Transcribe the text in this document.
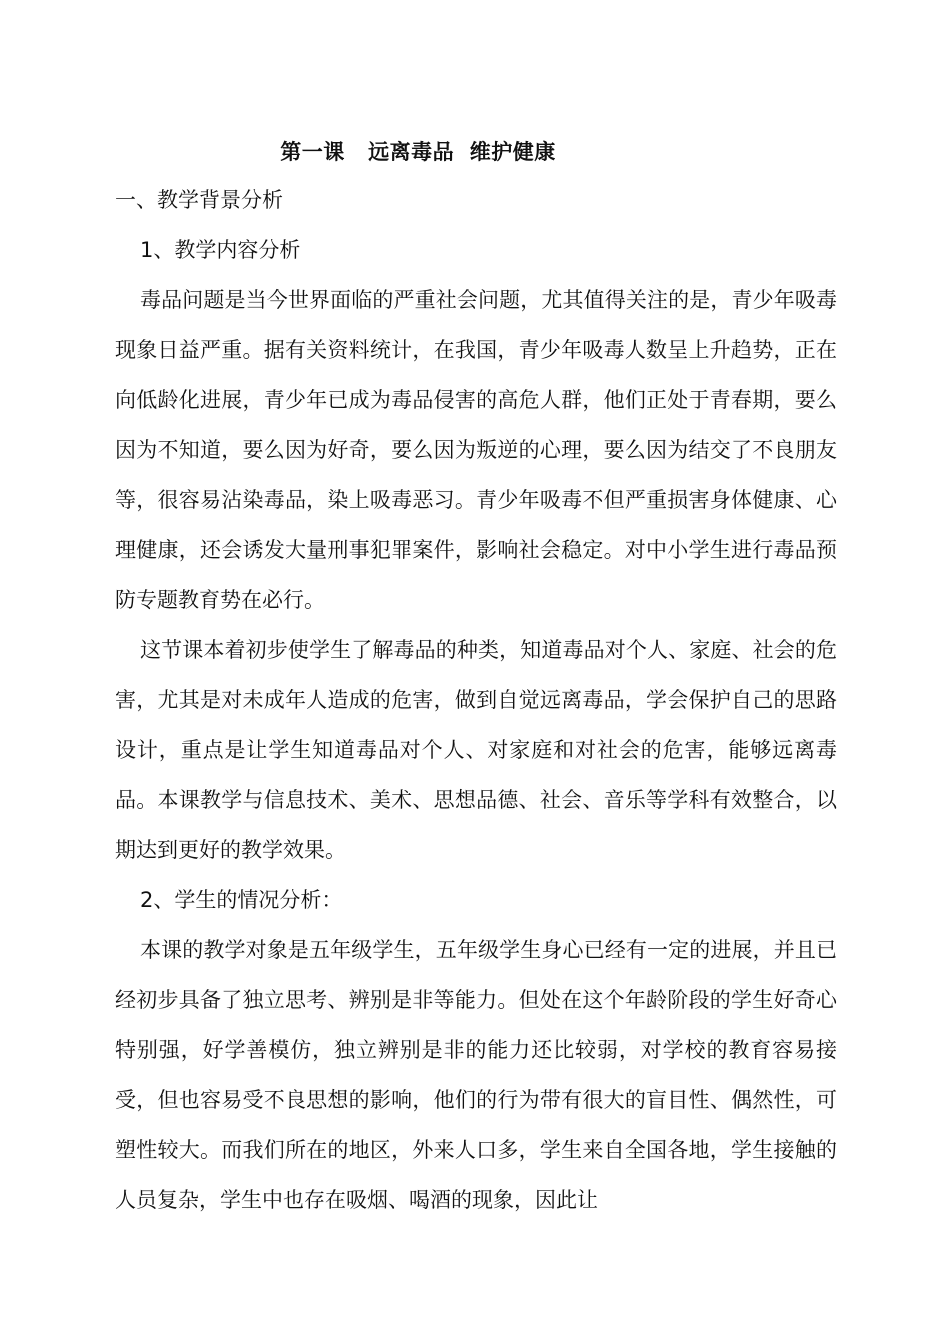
第一课   远离毒品  维护健康
一、教学背景分析
1、教学内容分析

毒品问题是当今世界面临的严重社会问题，尤其值得关注的是，青少年吸毒现象日益严重。据有关资料统计，在我国，青少年吸毒人数呈上升趋势，正在向低龄化进展，青少年已成为毒品侵害的高危人群，他们正处于青春期，要么因为不知道，要么因为好奇，要么因为叛逆的心理，要么因为结交了不良朋友等，很容易沾染毒品，染上吸毒恶习。青少年吸毒不但严重损害身体健康、心理健康，还会诱发大量刑事犯罪案件，影响社会稳定。对中小学生进行毒品预防专题教育势在必行。

这节课本着初步使学生了解毒品的种类，知道毒品对个人、家庭、社会的危害，尤其是对未成年人造成的危害，做到自觉远离毒品，学会保护自己的思路设计，重点是让学生知道毒品对个人、对家庭和对社会的危害，能够远离毒品。本课教学与信息技术、美术、思想品德、社会、音乐等学科有效整合，以期达到更好的教学效果。

2、学生的情况分析：

本课的教学对象是五年级学生，五年级学生身心已经有一定的进展，并且已经初步具备了独立思考、辨别是非等能力。但处在这个年龄阶段的学生好奇心特别强，好学善模仿，独立辨别是非的能力还比较弱，对学校的教育容易接受，但也容易受不良思想的影响，他们的行为带有很大的盲目性、偶然性，可塑性较大。而我们所在的地区，外来人口多，学生来自全国各地，学生接触的人员复杂，学生中也存在吸烟、喝酒的现象，因此让
